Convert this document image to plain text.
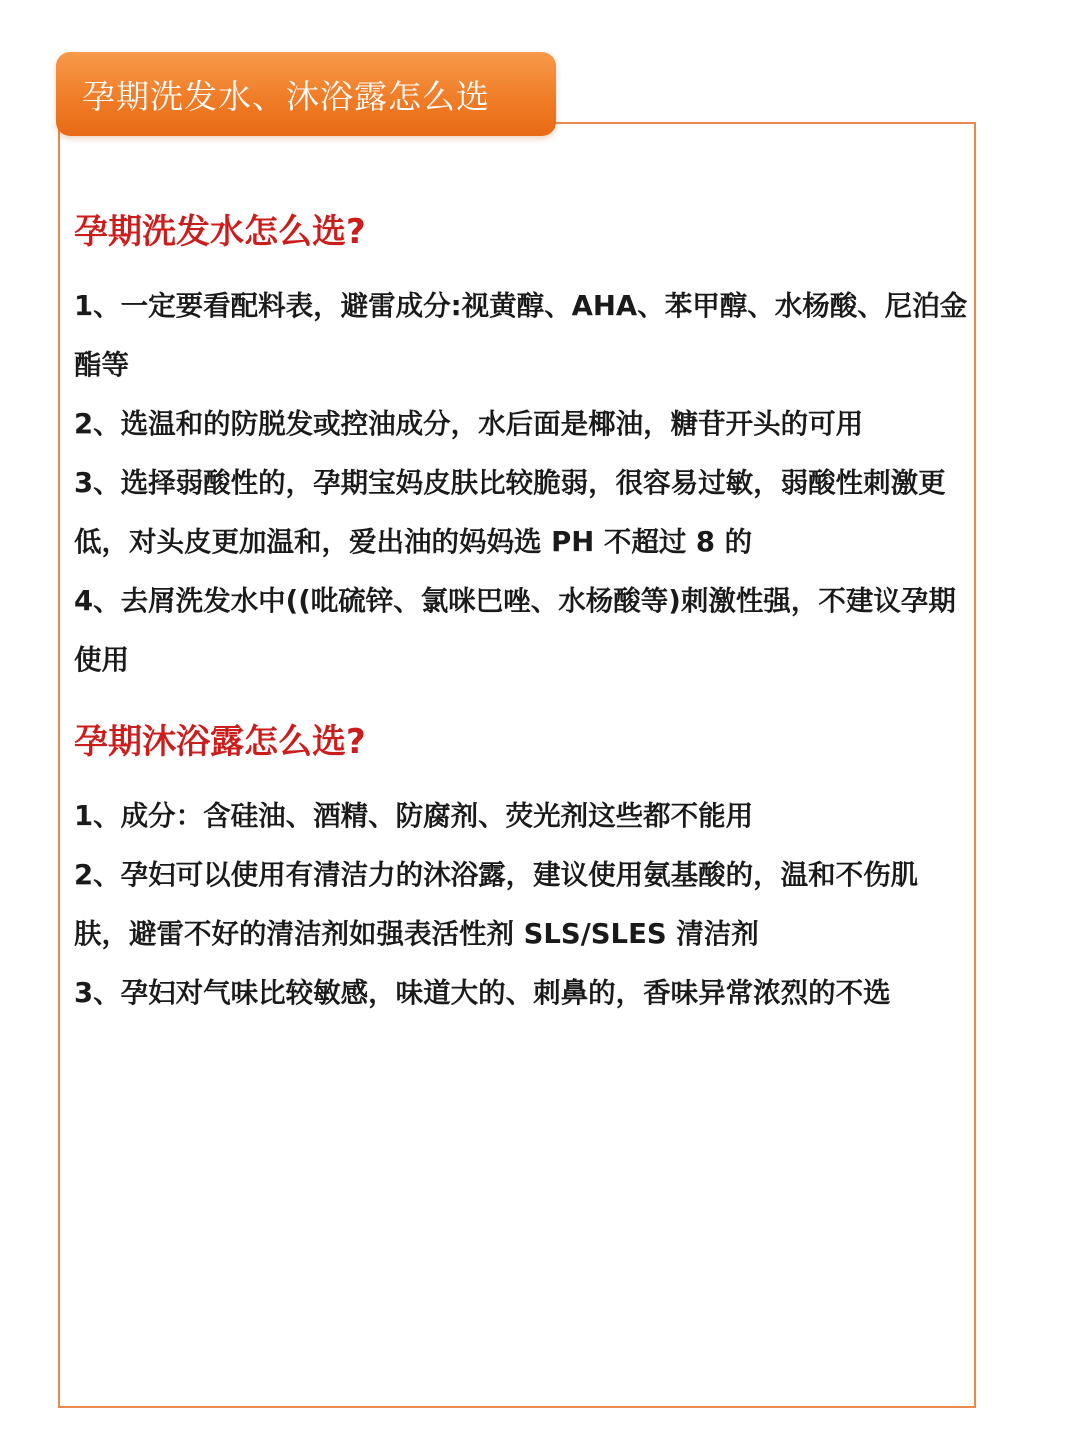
孕期洗发水、沐浴露怎么选
孕期洗发水怎么选?
1、一定要看配料表，避雷成分:视黄醇、AHA、苯甲醇、水杨酸、尼泊金酯等
2、选温和的防脱发或控油成分，水后面是椰油，糖苷开头的可用
3、选择弱酸性的，孕期宝妈皮肤比较脆弱，很容易过敏，弱酸性刺激更低，对头皮更加温和，爱出油的妈妈选 PH 不超过 8 的
4、去屑洗发水中((吡硫锌、氯咪巴唑、水杨酸等)刺激性强，不建议孕期使用
孕期沐浴露怎么选?
1、成分：含硅油、酒精、防腐剂、荧光剂这些都不能用
2、孕妇可以使用有清洁力的沐浴露，建议使用氨基酸的，温和不伤肌肤，避雷不好的清洁剂如强表活性剂 SLS/SLES 清洁剂
3、孕妇对气味比较敏感，味道大的、刺鼻的，香味异常浓烈的不选
